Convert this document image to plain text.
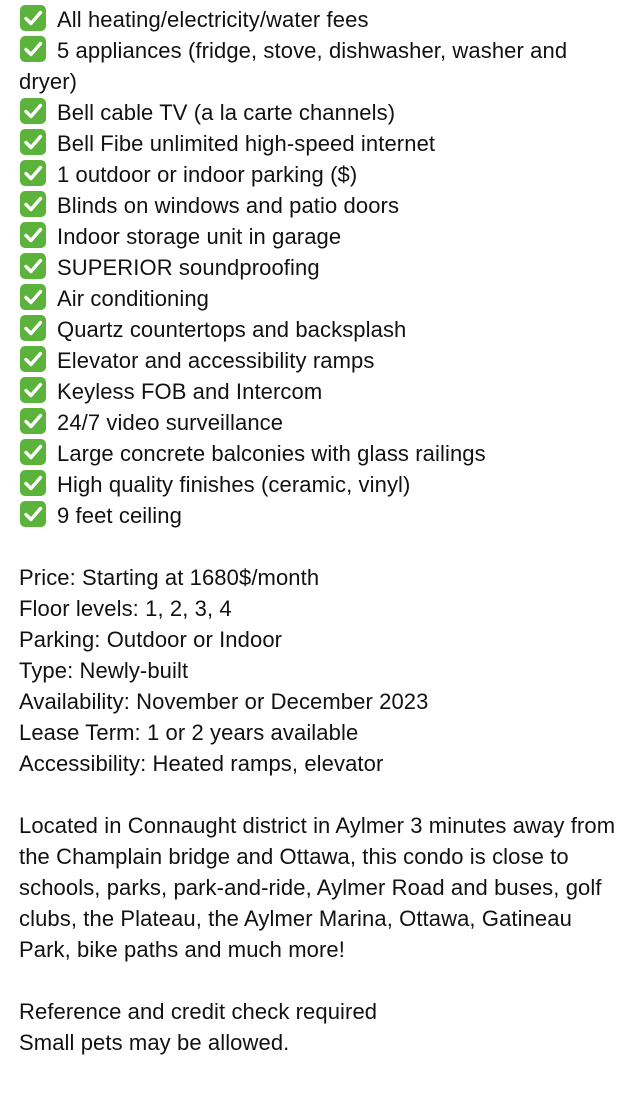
All heating/electricity/water fees
5 appliances (fridge, stove, dishwasher, washer and dryer)
Bell cable TV (a la carte channels)
Bell Fibe unlimited high-speed internet
1 outdoor or indoor parking ($)
Blinds on windows and patio doors
Indoor storage unit in garage
SUPERIOR soundproofing
Air conditioning
Quartz countertops and backsplash
Elevator and accessibility ramps
Keyless FOB and Intercom
24/7 video surveillance
Large concrete balconies with glass railings
High quality finishes (ceramic, vinyl)
9 feet ceiling
Price: Starting at 1680$/month
Floor levels: 1, 2, 3, 4
Parking: Outdoor or Indoor
Type: Newly-built
Availability: November or December 2023
Lease Term: 1 or 2 years available
Accessibility: Heated ramps, elevator

Located in Connaught district in Aylmer 3 minutes away from the Champlain bridge and Ottawa, this condo is close to schools, parks, park-and-ride, Aylmer Road and buses, golf clubs, the Plateau, the Aylmer Marina, Ottawa, Gatineau Park, bike paths and much more!

Reference and credit check required
Small pets may be allowed.
